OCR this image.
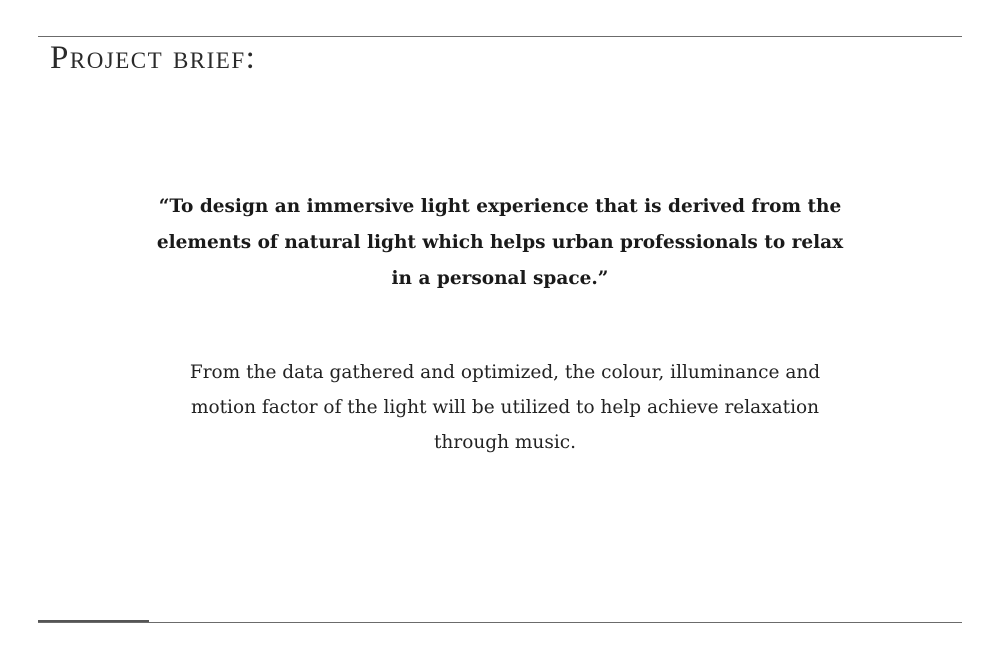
Project brief:

“To design an immersive light experience that is derived from the elements of natural light which helps urban professionals to relax in a personal space.”

From the data gathered and optimized, the colour, illuminance and motion factor of the light will be utilized to help achieve relaxation through music.
